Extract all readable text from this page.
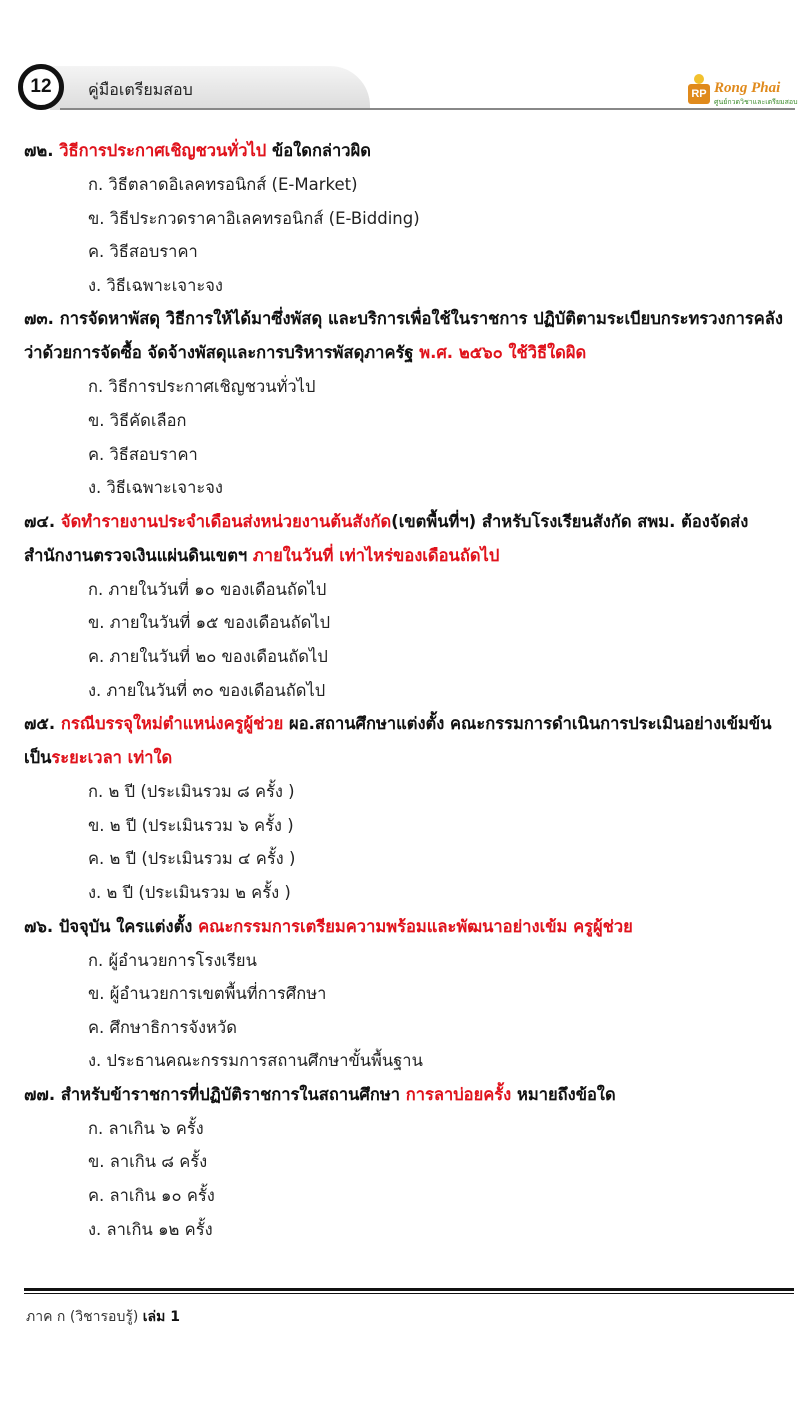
12	คู่มือเตรียมสอบ	RP Rong Phai
ศูนย์กวดวิชาและเตรียมสอบ

๗๒. วิธีการประกาศเชิญชวนทั่วไป ข้อใดกล่าวผิด

ก. วิธีตลาดอิเลคทรอนิกส์ (E-Market)
ข. วิธีประกวดราคาอิเลคทรอนิกส์ (E-Bidding)
ค. วิธีสอบราคา
ง. วิธีเฉพาะเจาะจง

๗๓. การจัดหาพัสดุ วิธีการให้ได้มาซึ่งพัสดุ และบริการเพื่อใช้ในราชการ ปฏิบัติตามระเบียบกระทรวงการคลังว่าด้วยการจัดซื้อ จัดจ้างพัสดุและการบริหารพัสดุภาครัฐ พ.ศ. ๒๕๖๐ ใช้วิธีใดผิด

ก. วิธีการประกาศเชิญชวนทั่วไป
ข. วิธีคัดเลือก
ค. วิธีสอบราคา
ง. วิธีเฉพาะเจาะจง

๗๔. จัดทำรายงานประจำเดือนส่งหน่วยงานต้นสังกัด(เขตพื้นที่ฯ) สำหรับโรงเรียนสังกัด สพม. ต้องจัดส่งสำนักงานตรวจเงินแผ่นดินเขตฯ ภายในวันที่ เท่าไหร่ของเดือนถัดไป

ก. ภายในวันที่ ๑๐ ของเดือนถัดไป
ข. ภายในวันที่ ๑๕ ของเดือนถัดไป
ค. ภายในวันที่ ๒๐ ของเดือนถัดไป
ง. ภายในวันที่ ๓๐ ของเดือนถัดไป

๗๕. กรณีบรรจุใหม่ตำแหน่งครูผู้ช่วย ผอ.สถานศึกษาแต่งตั้ง คณะกรรมการดำเนินการประเมินอย่างเข้มข้นเป็นระยะเวลา เท่าใด

ก. ๒ ปี (ประเมินรวม ๘ ครั้ง )
ข. ๒ ปี (ประเมินรวม ๖ ครั้ง )
ค. ๒ ปี (ประเมินรวม ๔ ครั้ง )
ง. ๒ ปี (ประเมินรวม ๒ ครั้ง )

๗๖. ปัจจุบัน ใครแต่งตั้ง คณะกรรมการเตรียมความพร้อมและพัฒนาอย่างเข้ม ครูผู้ช่วย

ก. ผู้อำนวยการโรงเรียน
ข. ผู้อำนวยการเขตพื้นที่การศึกษา
ค. ศึกษาธิการจังหวัด
ง. ประธานคณะกรรมการสถานศึกษาขั้นพื้นฐาน

๗๗. สำหรับข้าราชการที่ปฏิบัติราชการในสถานศึกษา การลาบ่อยครั้ง หมายถึงข้อใด

ก. ลาเกิน ๖ ครั้ง
ข. ลาเกิน ๘ ครั้ง
ค. ลาเกิน ๑๐ ครั้ง
ง. ลาเกิน ๑๒ ครั้ง
ภาค ก (วิชารอบรู้) เล่ม 1
